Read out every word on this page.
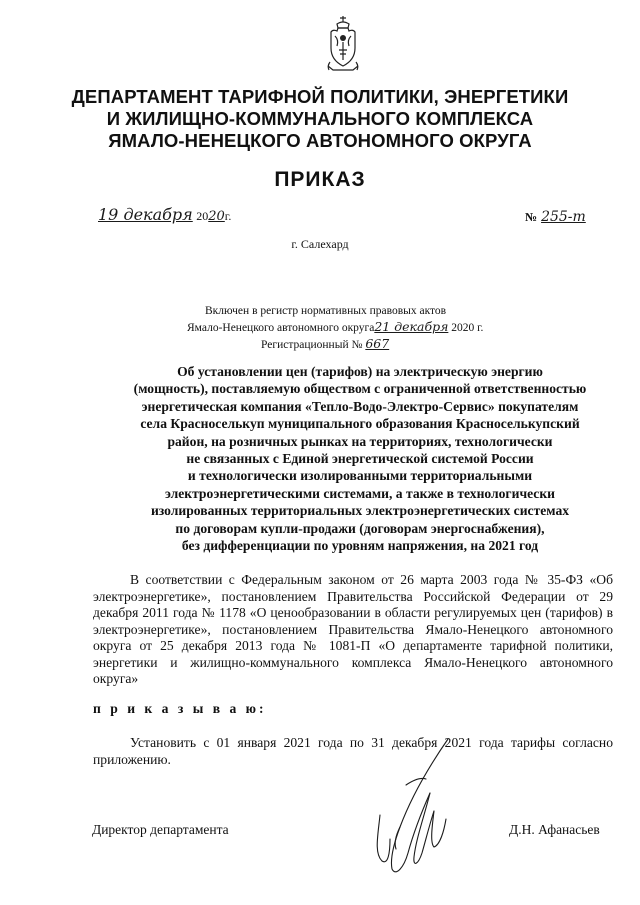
ДЕПАРТАМЕНТ ТАРИФНОЙ ПОЛИТИКИ, ЭНЕРГЕТИКИ
И ЖИЛИЩНО-КОММУНАЛЬНОГО КОМПЛЕКСА
ЯМАЛО-НЕНЕЦКОГО АВТОНОМНОГО ОКРУГА
ПРИКАЗ
19 декабря 2020г.	№ 255-т
г. Салехард
Включен в регистр нормативных правовых актов
Ямало-Ненецкого автономного округа21 декабря 2020 г.
Регистрационный № 667
Об установлении цен (тарифов) на электрическую энергию
(мощность), поставляемую обществом с ограниченной ответственностью
энергетическая компания «Тепло-Водо-Электро-Сервис» покупателям
села Красноселькуп муниципального образования Красноселькупский
район, на розничных рынках на территориях, технологически
не связанных с Единой энергетической системой России
и технологически изолированными территориальными
электроэнергетическими системами, а также в технологически
изолированных территориальных электроэнергетических системах
по договорам купли-продажи (договорам энергоснабжения),
без дифференциации по уровням напряжения, на 2021 год
В соответствии с Федеральным законом от 26 марта 2003 года № 35-ФЗ «Об электроэнергетике», постановлением Правительства Российской Федерации от 29 декабря 2011 года № 1178 «О ценообразовании в области регулируемых цен (тарифов) в электроэнергетике», постановлением Правительства Ямало-Ненецкого автономного округа от 25 декабря 2013 года № 1081-П «О департаменте тарифной политики, энергетики и жилищно-коммунального комплекса Ямало-Ненецкого автономного округа»
п р и к а з ы в а ю:
Установить с 01 января 2021 года по 31 декабря 2021 года тарифы согласно приложению.
Директор департамента	Д.Н. Афанасьев
